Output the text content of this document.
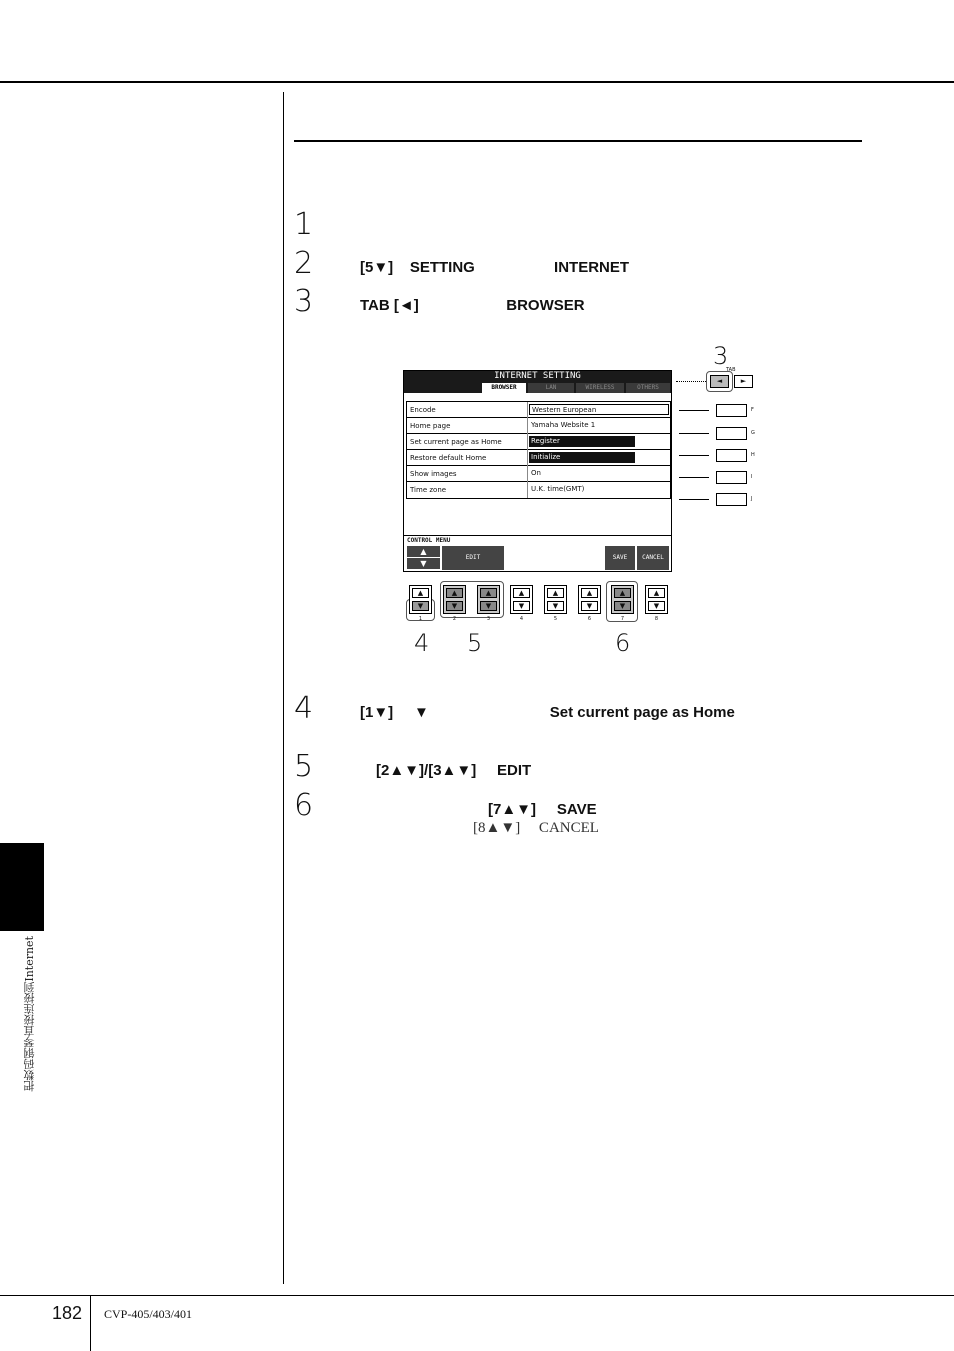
1
2	[5▼]    SETTING                   INTERNET
3	TAB [◄]                     BROWSER
INTERNET SETTING
BROWSER	LAN	WIRELESS	OTHERS
Encode	Western European
Home page	Yamaha Website 1
Set current page as Home	Register
Restore default Home	Initialize
Show images	On
Time zone	U.K. time(GMT)
CONTROL MENU
▲
▼
EDIT	SAVE	CANCEL
TAB
◄	►
3
F
G
H
I
J
▲
▼
▲
▼
▲
▼
▲
▼
▲
▼
▲
▼
▲
▼
▲
▼
1	2	3	4	5	6	7	8
4 5	6
4	[1▼]     ▼                             Set current page as Home
5	[2▲▼]/[3▲▼]     EDIT
6	[7▲▼]     SAVE
[8▲▼]     CANCEL
把数码钢琴直接连接到Internet
182 CVP-405/403/401
